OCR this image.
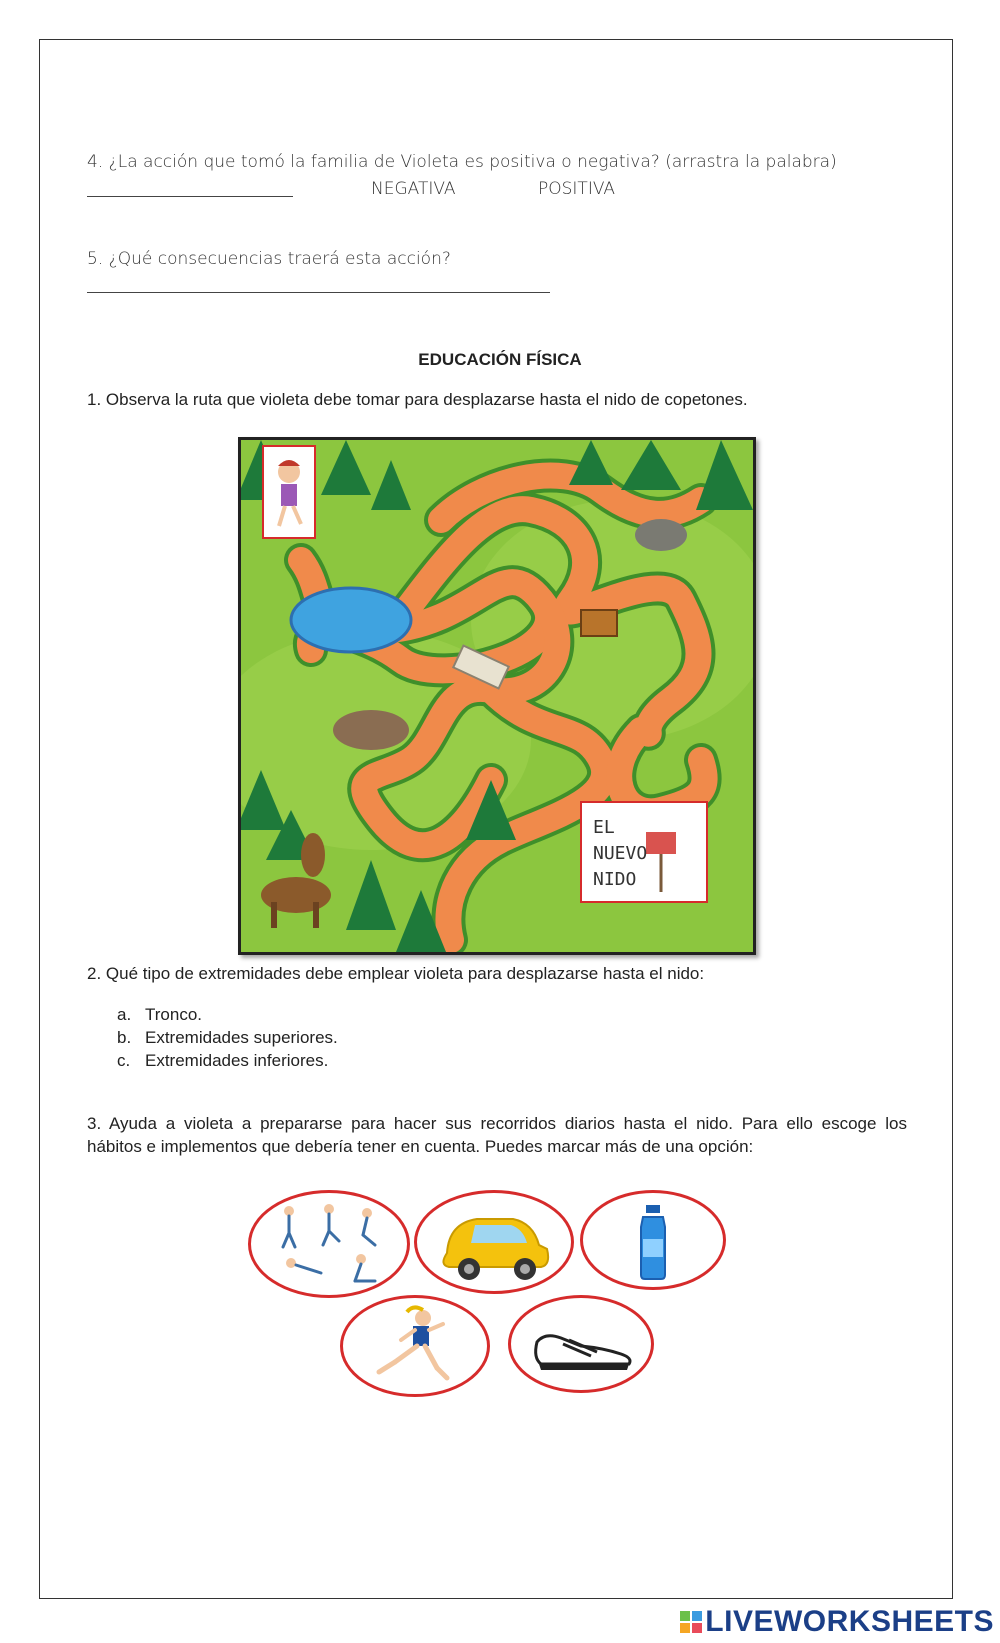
4. ¿La acción que tomó la familia de Violeta es positiva o negativa? (arrastra la palabra)
NEGATIVA	POSITIVA
5. ¿Qué consecuencias traerá esta acción?
EDUCACIÓN FÍSICA
1. Observa la ruta que violeta debe tomar para desplazarse hasta el nido de copetones.
EL
NUEVO
NIDO
2. Qué tipo de extremidades debe emplear violeta para desplazarse hasta el nido:
a. Tronco.
b. Extremidades superiores.
c. Extremidades inferiores.
3. Ayuda a violeta a prepararse para hacer sus recorridos diarios hasta el nido. Para ello escoge los
hábitos e implementos que debería tener en cuenta. Puedes marcar más de una opción:
LIVEWORKSHEETS
